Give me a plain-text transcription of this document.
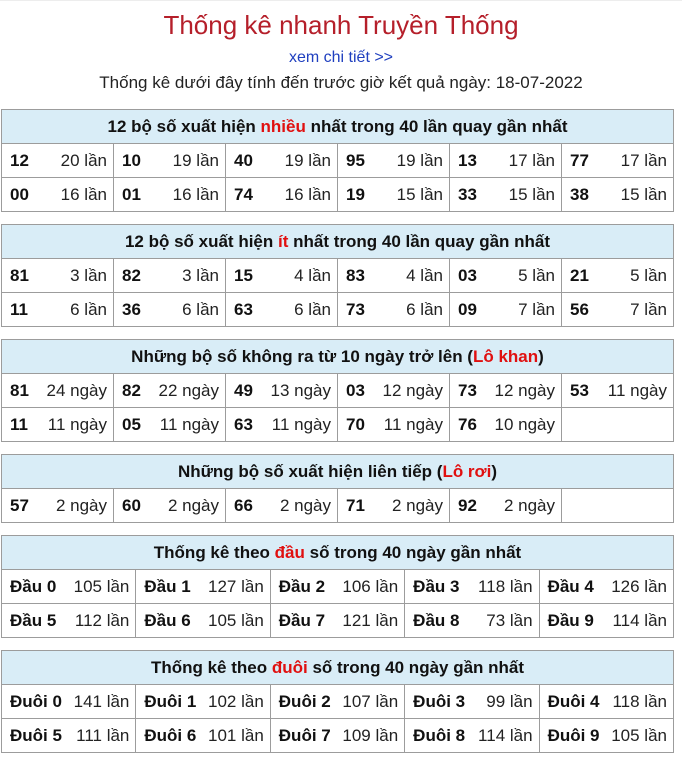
Thống kê nhanh Truyền Thống
xem chi tiết >>
Thống kê dưới đây tính đến trước giờ kết quả ngày: 18-07-2022
12 bộ số xuất hiện nhiều nhất trong 40 lần quay gần nhất					

12 20 lần	10 19 lần	40 19 lần	95 19 lần	13 17 lần	77 17 lần

00 16 lần	01 16 lần	74 16 lần	19 15 lần	33 15 lần	38 15 lần
12 bộ số xuất hiện ít nhất trong 40 lần quay gần nhất					

81 3 lần	82 3 lần	15 4 lần	83 4 lần	03 5 lần	21 5 lần

11 6 lần	36 6 lần	63 6 lần	73 6 lần	09 7 lần	56 7 lần
Những bộ số không ra từ 10 ngày trở lên (Lô khan)					

81 24 ngày	82 22 ngày	49 13 ngày	03 12 ngày	73 12 ngày	53 11 ngày

11 11 ngày	05 11 ngày	63 11 ngày	70 11 ngày	76 10 ngày	

Những bộ số xuất hiện liên tiếp (Lô rơi)

57 2 ngày	60 2 ngày	66 2 ngày	71 2 ngày	92 2 ngày

Thống kê theo đầu số trong 40 ngày gần nhất				

Đầu 0 105 lần	Đầu 1 127 lần	Đầu 2 106 lần	Đầu 3 118 lần	Đầu 4 126 lần

Đầu 5 112 lần	Đầu 6 105 lần	Đầu 7 121 lần	Đầu 8 73 lần	Đầu 9 114 lần
Thống kê theo đuôi số trong 40 ngày gần nhất				

Đuôi 0 141 lần	Đuôi 1 102 lần	Đuôi 2 107 lần	Đuôi 3 99 lần	Đuôi 4 118 lần

Đuôi 5 111 lần	Đuôi 6 101 lần	Đuôi 7 109 lần	Đuôi 8 114 lần	Đuôi 9 105 lần
